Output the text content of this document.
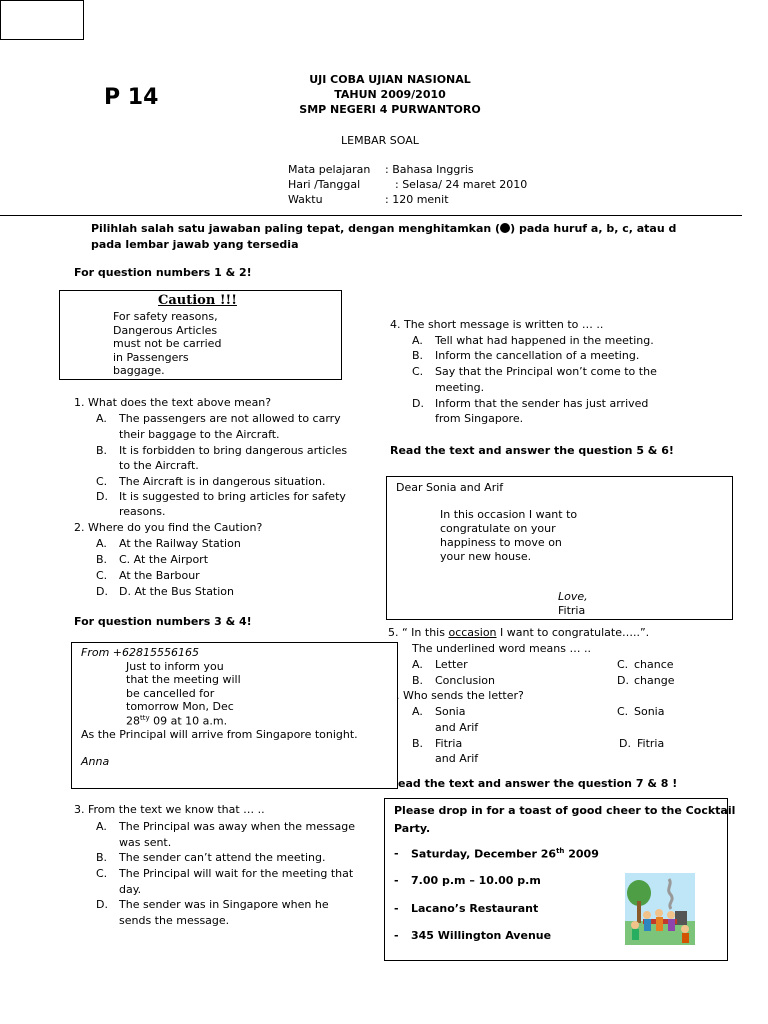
P 14
UJI COBA UJIAN NASIONAL
TAHUN 2009/2010
SMP NEGERI 4 PURWANTORO
LEMBAR SOAL
Mata pelajaran : Bahasa Inggris
Hari /Tanggal	: Selasa/ 24 maret 2010
Waktu	: 120 menit
Pilihlah salah satu jawaban paling tepat, dengan menghitamkan ( ) pada huruf a, b, c, atau d
pada lembar jawab yang tersedia
For question numbers 1 & 2!
Caution !!!
For safety reasons,
Dangerous Articles
must not be carried
in Passengers
baggage.
1. What does the text above mean?
A. The passengers are not allowed to carry
their baggage to the Aircraft.
B. It is forbidden to bring dangerous articles
to the Aircraft.
C. The Aircraft is in dangerous situation.
D. It is suggested to bring articles for safety
reasons.
2. Where do you find the Caution?
A. At the Railway Station
B. C. At the Airport
C. At the Barbour
D. D. At the Bus Station
For question numbers 3 & 4!
From +62815556165
Just to inform you
that the meeting will
be cancelled for
tomorrow Mon, Dec
$28^{tty}$ 09 at 10 a.m.
As the Principal will arrive from Singapore tonight.
Anna
3. From the text we know that … ..
A. The Principal was away when the message
was sent.
B. The sender can’t attend the meeting.
C. The Principal will wait for the meeting that
day.
D. The sender was in Singapore when he
sends the message.
4. The short message is written to … ..
A. Tell what had happened in the meeting.
B. Inform the cancellation of a meeting.
C. Say that the Principal won’t come to the
meeting.
D. Inform that the sender has just arrived
from Singapore.
Read the text and answer the question 5 & 6!
Dear Sonia and Arif
In this occasion I want to
congratulate on your
happiness to move on
your new house.
Love,
Fitria
5. “ In this occasion I want to congratulate…..”.
The underlined word means … ..
A. Letter
B. Conclusion
C. chance
D. change
. Who sends the letter?
A. Sonia
and Arif
B. Fitria
and Arif
C. Sonia
D. Fitria
ead the text and answer the question 7 & 8 !
Please drop in for a toast of good cheer to the Cocktail
Party.
- Saturday, December 26th 2009
- 7.00 p.m – 10.00 p.m
- Lacano’s Restaurant
- 345 Willington Avenue
